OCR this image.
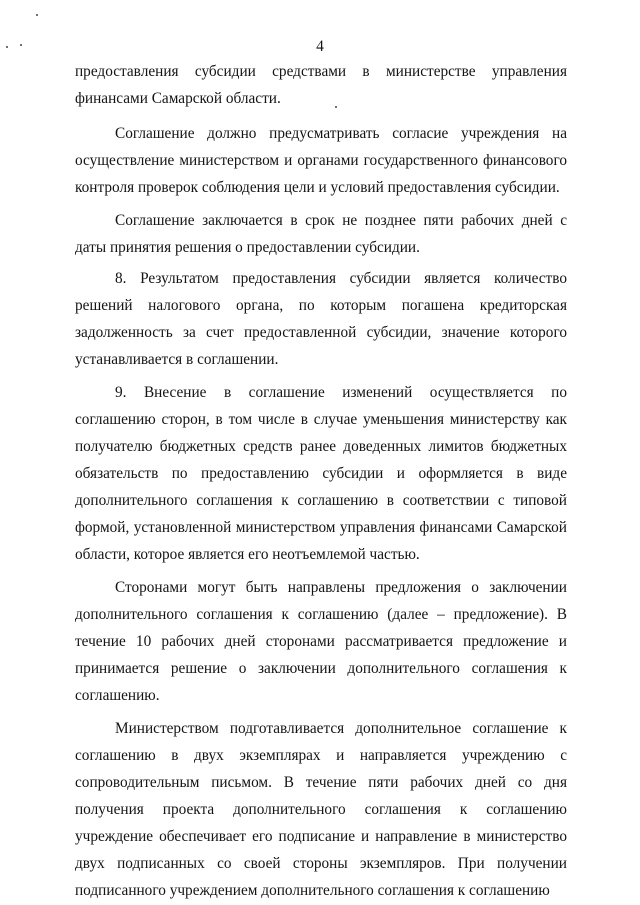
4

предоставления субсидии средствами в министерстве управления финансами Самарской области.

Соглашение должно предусматривать согласие учреждения на осуществление министерством и органами государственного финансового контроля проверок соблюдения цели и условий предоставления субсидии.

Соглашение заключается в срок не позднее пяти рабочих дней с даты принятия решения о предоставлении субсидии.

8. Результатом предоставления субсидии является количество решений налогового органа, по которым погашена кредиторская задолженность за счет предоставленной субсидии, значение которого устанавливается в соглашении.

9. Внесение в соглашение изменений осуществляется по соглашению сторон, в том числе в случае уменьшения министерству как получателю бюджетных средств ранее доведенных лимитов бюджетных обязательств по предоставлению субсидии и оформляется в виде дополнительного соглашения к соглашению в соответствии с типовой формой, установленной министерством управления финансами Самарской области, которое является его неотъемлемой частью.

Сторонами могут быть направлены предложения о заключении дополнительного соглашения к соглашению (далее – предложение). В течение 10 рабочих дней сторонами рассматривается предложение и принимается решение о заключении дополнительного соглашения к соглашению.

Министерством подготавливается дополнительное соглашение к соглашению в двух экземплярах и направляется учреждению с сопроводительным письмом. В течение пяти рабочих дней со дня получения проекта дополнительного соглашения к соглашению учреждение обеспечивает его подписание и направление в министерство двух подписанных со своей стороны экземпляров. При получении подписанного учреждением дополнительного соглашения к соглашению
